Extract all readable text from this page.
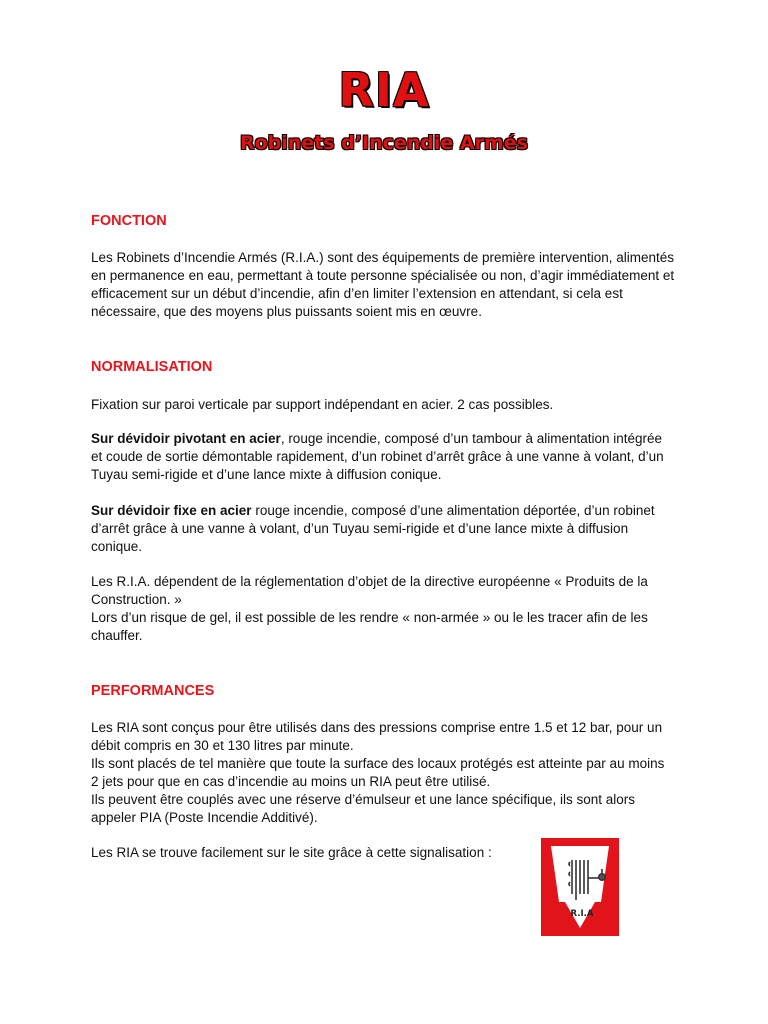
RIA
Robinets d’Incendie Armés
FONCTION

Les Robinets d’Incendie Armés (R.I.A.) sont des équipements de première intervention, alimentés en permanence en eau, permettant à toute personne spécialisée ou non, d’agir immédiatement et efficacement sur un début d’incendie, afin d’en limiter l’extension en attendant, si cela est nécessaire, que des moyens plus puissants soient mis en œuvre.

NORMALISATION

Fixation sur paroi verticale par support indépendant en acier. 2 cas possibles.

Sur dévidoir pivotant en acier, rouge incendie, composé d’un tambour à alimentation intégrée et coude de sortie démontable rapidement, d’un robinet d’arrêt grâce à une vanne à volant, d’un Tuyau semi-rigide et d’une lance mixte à diffusion conique.

Sur dévidoir fixe en acier rouge incendie, composé d’une alimentation déportée, d’un robinet d’arrêt grâce à une vanne à volant, d’un Tuyau semi-rigide et d’une lance mixte à diffusion conique.

Les R.I.A. dépendent de la réglementation d’objet de la directive européenne « Produits de la Construction. »

Lors d’un risque de gel, il est possible de les rendre « non-armée » ou le les tracer afin de les chauffer.

PERFORMANCES

Les RIA sont conçus pour être utilisés dans des pressions comprise entre 1.5 et 12 bar, pour un débit compris en 30 et 130 litres par minute.

Ils sont placés de tel manière que toute la surface des locaux protégés est atteinte par au moins 2 jets pour que en cas d’incendie au moins un RIA peut être utilisé.

Ils peuvent être couplés avec une réserve d’émulseur et une lance spécifique, ils sont alors appeler PIA (Poste Incendie Additivé).

Les RIA se trouve facilement sur le site grâce à cette signalisation :

R.I.A
